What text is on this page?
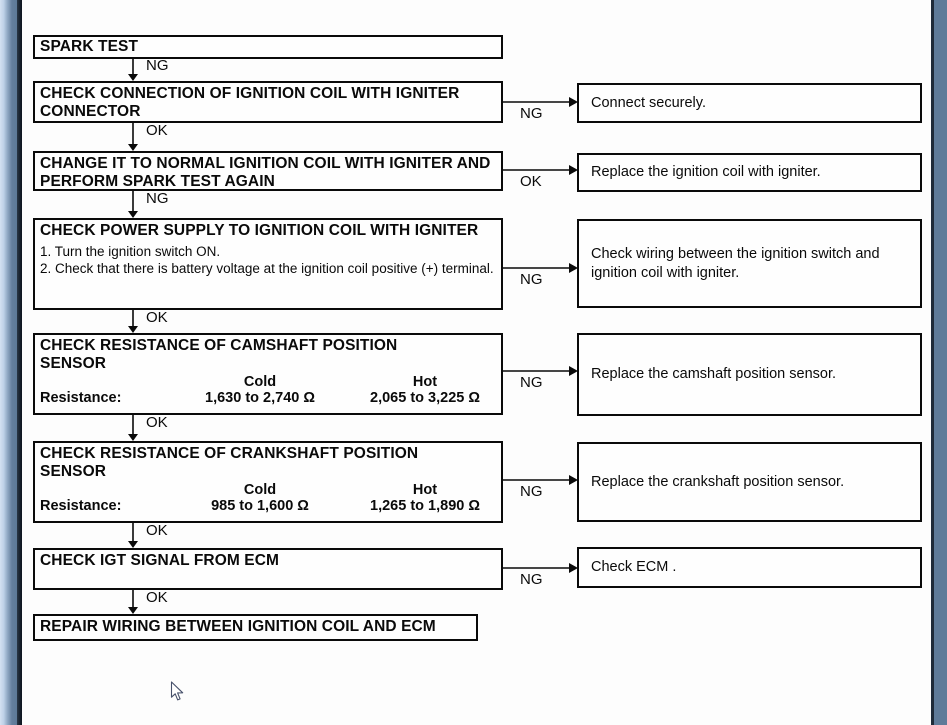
SPARK TEST
CHECK CONNECTION OF IGNITION COIL WITH IGNITER CONNECTOR
CHANGE IT TO NORMAL IGNITION COIL WITH IGNITER AND PERFORM SPARK TEST AGAIN
CHECK POWER SUPPLY TO IGNITION COIL WITH IGNITER
1. Turn the ignition switch ON.
2. Check that there is battery voltage at the ignition coil positive (+) terminal.
CHECK RESISTANCE OF CAMSHAFT POSITION SENSOR
Cold	Hot
Resistance:	1,630 to 2,740 Ω	2,065 to 3,225 Ω
CHECK RESISTANCE OF CRANKSHAFT POSITION SENSOR
Cold	Hot
Resistance:	985 to 1,600 Ω	1,265 to 1,890 Ω
CHECK IGT SIGNAL FROM ECM
REPAIR WIRING BETWEEN IGNITION COIL AND ECM
NG
OK
NG
OK
OK
OK
OK
NG
OK
NG
NG
NG
NG
Connect securely.
Replace the ignition coil with igniter.
Check wiring between the ignition switch and ignition coil with igniter.
Replace the camshaft position sensor.
Replace the crankshaft position sensor.
Check ECM .
